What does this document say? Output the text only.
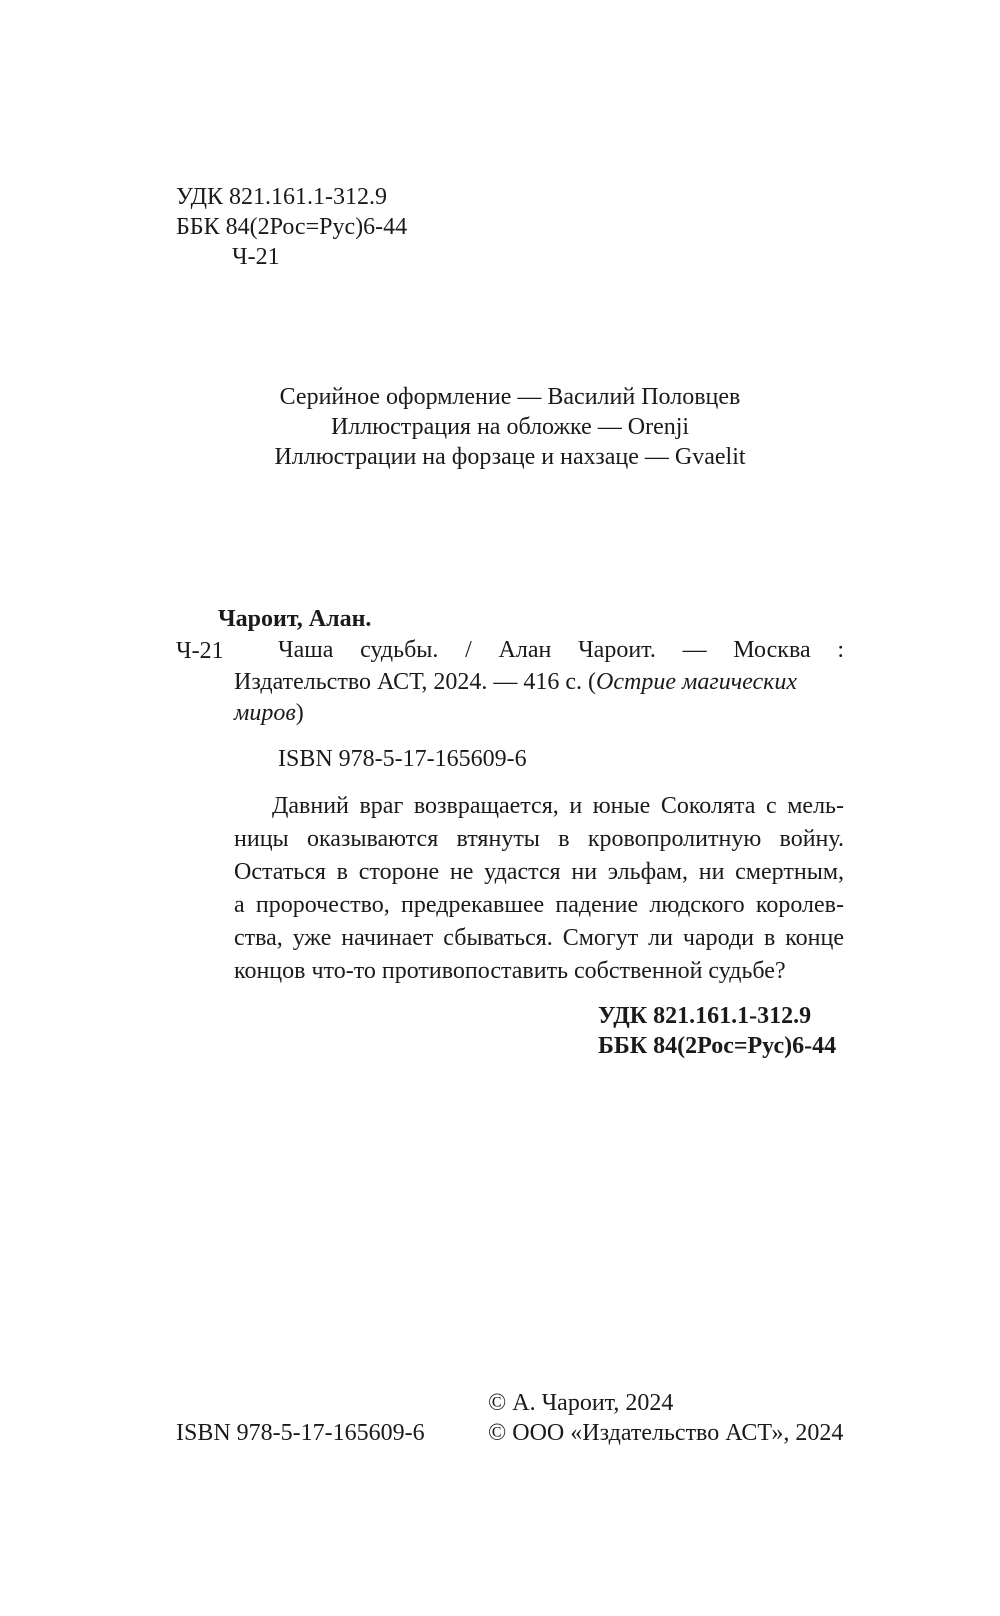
УДК 821.161.1-312.9
ББК 84(2Рос=Рус)6-44
Ч-21
Серийное оформление — Василий Половцев
Иллюстрация на обложке — Orenji
Иллюстрации на форзаце и нахзаце — Gvaelit
Чароит, Алан.
Ч-21 Чаша судьбы. / Алан Чароит. — Москва :
Издательство АСТ, 2024. — 416 с. (Острие магических
миров)
ISBN 978-5-17-165609-6
Давний враг возвращается, и юные Соколята с мель-
ницы оказываются втянуты в кровопролитную войну.
Остаться в стороне не удастся ни эльфам, ни смертным,
а пророчество, предрекавшее падение людского королев-
ства, уже начинает сбываться. Смогут ли чароди в конце
концов что-то противопоставить собственной судьбе?
УДК 821.161.1-312.9
ББК 84(2Рос=Рус)6-44
ISBN 978-5-17-165609-6
© А. Чароит, 2024
© ООО «Издательство АСТ», 2024
